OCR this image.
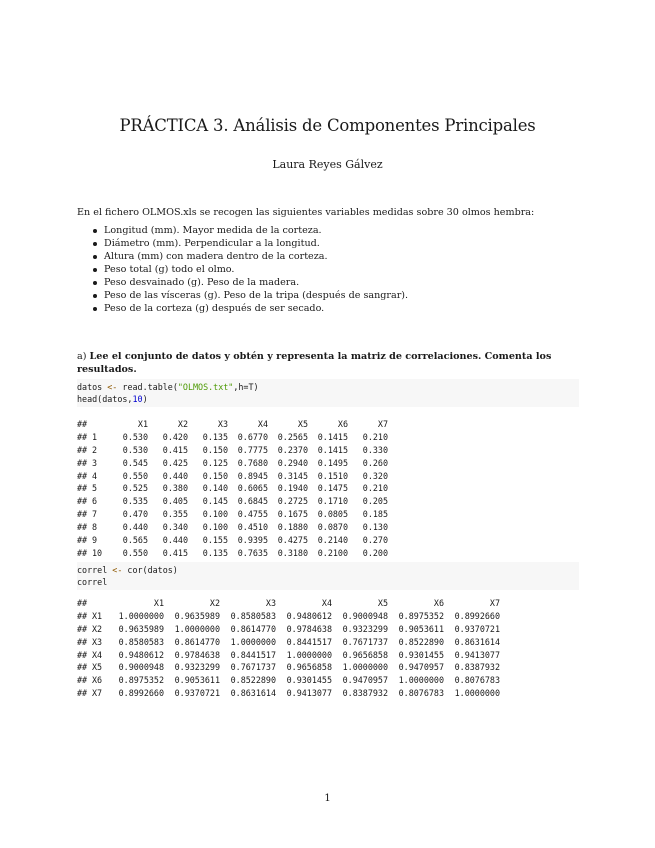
PRÁCTICA 3. Análisis de Componentes Principales
Laura Reyes Gálvez
En el fichero OLMOS.xls se recogen las siguientes variables medidas sobre 30 olmos hembra:
Longitud (mm). Mayor medida de la corteza.
Diámetro (mm). Perpendicular a la longitud.
Altura (mm) con madera dentro de la corteza.
Peso total (g) todo el olmo.
Peso desvainado (g). Peso de la madera.
Peso de las vísceras (g). Peso de la tripa (después de sangrar).
Peso de la corteza (g) después de ser secado.
a) Lee el conjunto de datos y obtén y representa la matriz de correlaciones. Comenta los resultados.
datos <- read.table("OLMOS.txt",h=T)
head(datos,10)
##	X1	X2	X3	X4	X5	X6	X7
## 1	0.530 0.420 0.135 0.6770 0.2565 0.1415 0.210
## 2	0.530 0.415 0.150 0.7775 0.2370 0.1415 0.330
## 3	0.545 0.425 0.125 0.7680 0.2940 0.1495 0.260
## 4	0.550 0.440 0.150 0.8945 0.3145 0.1510 0.320
## 5	0.525 0.380 0.140 0.6065 0.1940 0.1475 0.210
## 6	0.535 0.405 0.145 0.6845 0.2725 0.1710 0.205
## 7	0.470 0.355 0.100 0.4755 0.1675 0.0805 0.185
## 8	0.440 0.340 0.100 0.4510 0.1880 0.0870 0.130
## 9	0.565 0.440 0.155 0.9395 0.4275 0.2140 0.270
## 10 0.550 0.415 0.135 0.7635 0.3180 0.2100 0.200
correl <- cor(datos)
correl
##	X1	X2	X3	X4	X5	X6	X7
## X1 1.0000000 0.9635989 0.8580583 0.9480612 0.9000948 0.8975352 0.8992660
## X2 0.9635989 1.0000000 0.8614770 0.9784638 0.9323299 0.9053611 0.9370721
## X3 0.8580583 0.8614770 1.0000000 0.8441517 0.7671737 0.8522890 0.8631614
## X4 0.9480612 0.9784638 0.8441517 1.0000000 0.9656858 0.9301455 0.9413077
## X5 0.9000948 0.9323299 0.7671737 0.9656858 1.0000000 0.9470957 0.8387932
## X6 0.8975352 0.9053611 0.8522890 0.9301455 0.9470957 1.0000000 0.8076783
## X7 0.8992660 0.9370721 0.8631614 0.9413077 0.8387932 0.8076783 1.0000000
1
